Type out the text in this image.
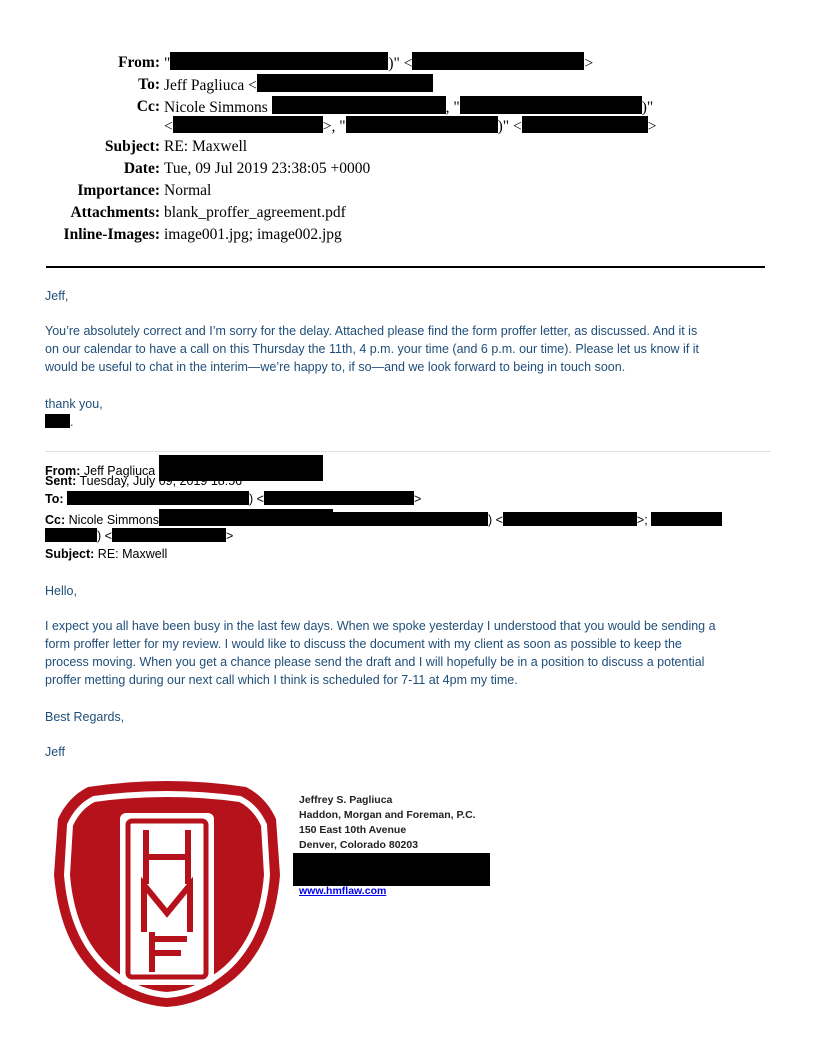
From: "	)" <	>
To: Jeff Pagliuca <
Cc: Nicole Simmons	, "	)"
<	>, "	)" <	>
Subject: RE: Maxwell
Date: Tue, 09 Jul 2019 23:38:05 +0000
Importance: Normal
Attachments: blank_proffer_agreement.pdf
Inline-Images: image001.jpg; image002.jpg
Jeff,
You’re absolutely correct and I’m sorry for the delay. Attached please find the form proffer letter, as discussed. And it is
on our calendar to have a call on this Thursday the 11th, 4 p.m. your time (and 6 p.m. our time). Please let us know if it
would be useful to chat in the interim—we’re happy to, if so—and we look forward to being in touch soon.
thank you,
.
From: Jeff Pagliuca
Sent: Tuesday, July 09, 2019 18:56
To:	) <	>
Cc: Nicole Simmons	) <	>;
) <	>
Subject: RE: Maxwell
Hello,
I expect you all have been busy in the last few days. When we spoke yesterday I understood that you would be sending a
form proffer letter for my review. I would like to discuss the document with my client as soon as possible to keep the
process moving. When you get a chance please send the draft and I will hopefully be in a position to discuss a potential
proffer metting during our next call which I think is scheduled for 7-11 at 4pm my time.
Best Regards,
Jeff
Jeffrey S. Pagliuca
Haddon, Morgan and Foreman, P.C.
150 East 10th Avenue
Denver, Colorado 80203
www.hmflaw.com
